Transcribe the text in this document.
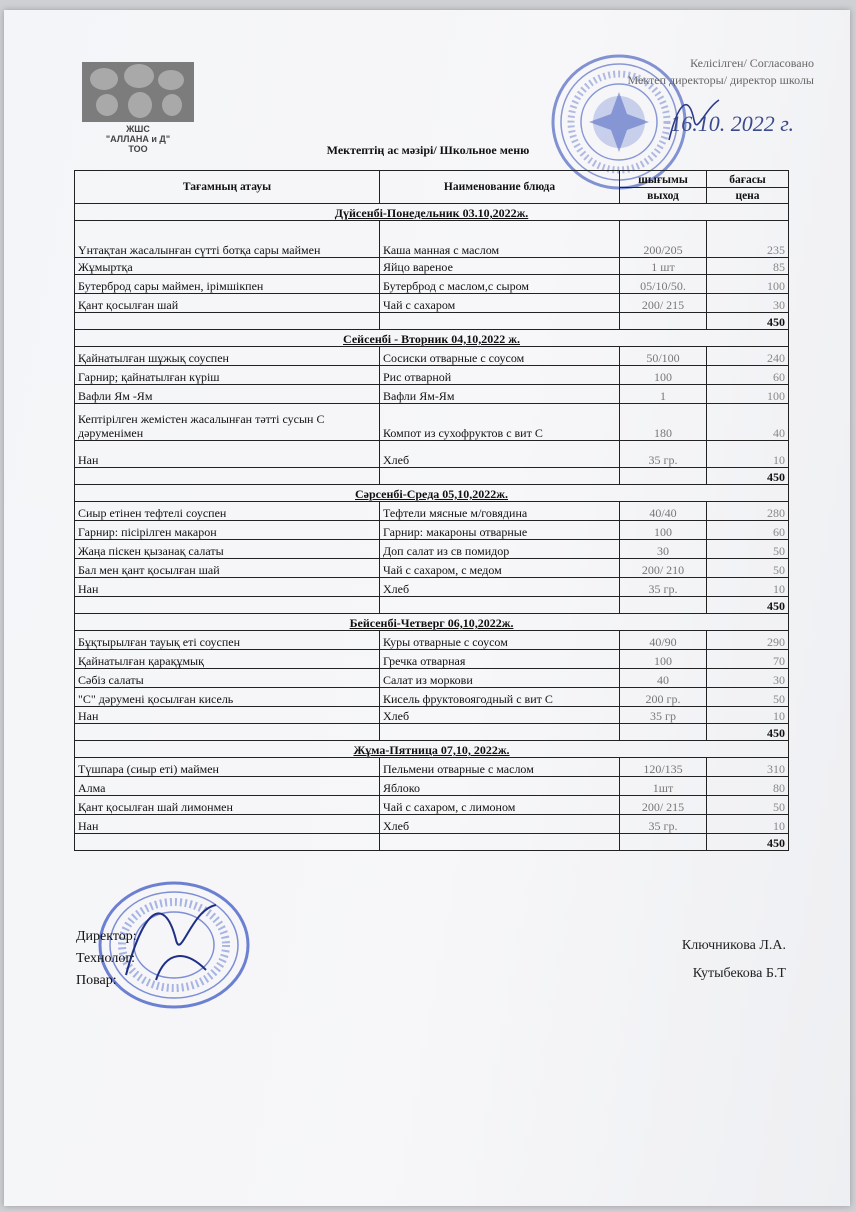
ЖШС
"АЛЛАНА и Д"
ТОО
Келісілген/ Согласовано
Мектеп директоры/ директор школы
16.10. 2022 г.
Мектептің ас мәзірі/ Школьное меню
Тағамның атауы	Наименование блюда	шығымы	бағасы
		выход	цена
Дүйсенбі-Понедельник 03.10,2022ж.			
Үнтақтан жасалынған сүтті ботқа сары маймен	Каша манная с маслом	200/205	235
Жұмыртқа	Яйцо вареное	1 шт	85
Бутерброд сары маймен, ірімшікпен	Бутерброд с маслом,с сыром	05/10/50.	100
Қант қосылған шай	Чай с сахаром	200/ 215	30
			450
Сейсенбі - Вторник 04,10,2022 ж.			
Қайнатылған шұжық соуспен	Сосиски отварные с соусом	50/100	240
Гарнир; қайнатылған күріш	Рис отварной	100	60
Вафли Ям -Ям	Вафли Ям-Ям	1	100
Кептірілген жемістен жасалынған тәтті сусын С дәруменімен	Компот из сухофруктов с вит С	180	40
Нан	Хлеб	35 гр.	10
			450
Сәрсенбі-Среда 05,10,2022ж.			
Сиыр етінен тефтелі соуспен	Тефтели мясные м/говядина	40/40	280
Гарнир: пісірілген макарон	Гарнир: макароны отварные	100	60
Жаңа піскен қызанақ салаты	Доп салат из св помидор	30	50
Бал мен қант қосылған шай	Чай с сахаром, с медом	200/ 210	50
Нан	Хлеб	35 гр.	10
			450
Бейсенбі-Четверг 06,10,2022ж.			
Бұқтырылған тауық еті соуспен	Куры отварные с соусом	40/90	290
Қайнатылған қарақұмық	Гречка отварная	100	70
Сәбіз салаты	Салат из моркови	40	30
"С" дәрумені қосылған кисель	Кисель фруктовоягодный с вит С	200 гр.	50
Нан	Хлеб	35 гр	10
			450
Жұма-Пятница 07,10, 2022ж.			
Түшпара (сиыр еті) маймен	Пельмени отварные с маслом	120/135	310
Алма	Яблоко	1шт	80
Қант қосылған шай лимонмен	Чай с сахаром, с лимоном	200/ 215	50
Нан	Хлеб	35 гр.	10
			450
Директор:
Технолог:
Повар:
Ключникова Л.А.
Кутыбекова Б.Т
